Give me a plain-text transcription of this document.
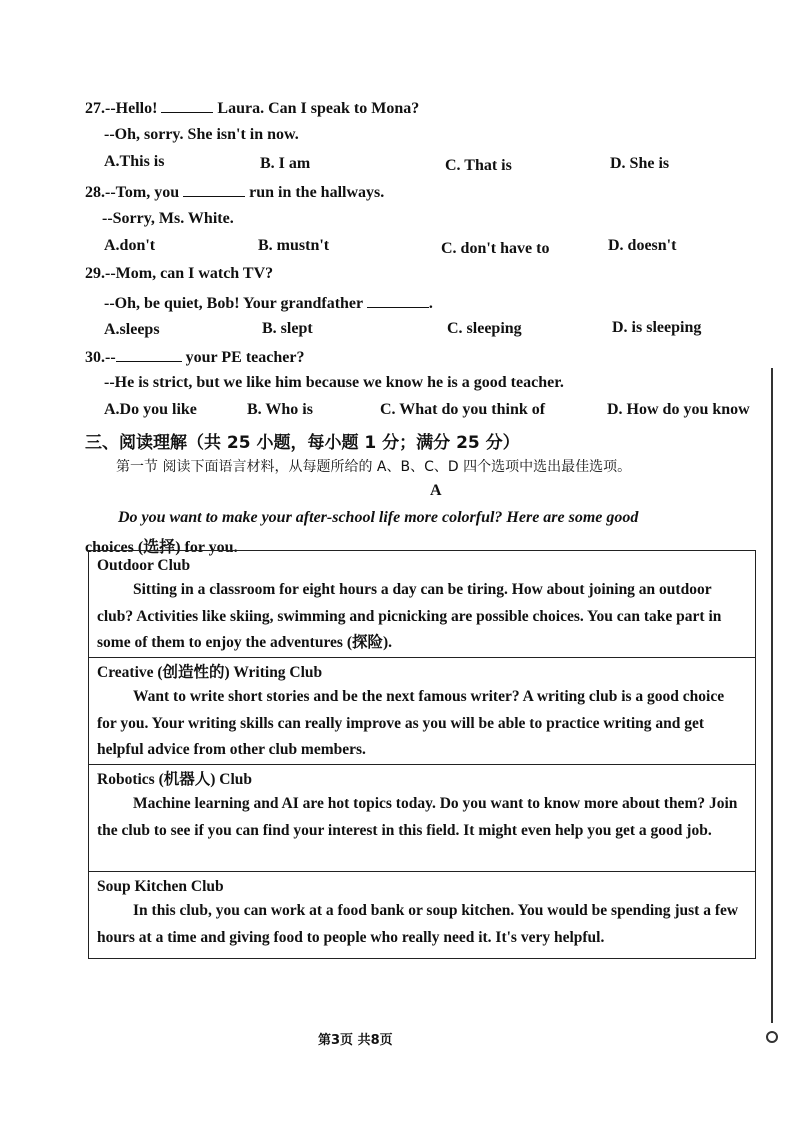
27.--Hello!	Laura. Can I speak to Mona?
--Oh, sorry. She isn't in now.
A.This is	B. I am	C. That is	D. She is
28.--Tom, you	run in the hallways.
--Sorry, Ms. White.
A.don't	B. mustn't	C. don't have to	D. doesn't
29.--Mom, can I watch TV?
--Oh, be quiet, Bob! Your grandfather	.
A.sleeps	B. slept	C. sleeping	D. is sleeping
30.--	your PE teacher?
--He is strict, but we like him because we know he is a good teacher.
A.Do you like	B. Who is	C. What do you think of	D. How do you know
三、阅读理解（共 25 小题，每小题 1 分；满分 25 分）
第一节 阅读下面语言材料，从每题所给的 A、B、C、D 四个选项中选出最佳选项。
A
Do you want to make your after-school life more colorful? Here are some good
choices (选择) for you.
Outdoor Club
Sitting in a classroom for eight hours a day can be tiring. How about joining an outdoor club? Activities like skiing, swimming and picnicking are possible choices. You can take part in some of them to enjoy the adventures (探险).
Creative (创造性的) Writing Club
Want to write short stories and be the next famous writer? A writing club is a good choice for you. Your writing skills can really improve as you will be able to practice writing and get helpful advice from other club members.
Robotics (机器人) Club
Machine learning and AI are hot topics today. Do you want to know more about them? Join the club to see if you can find your interest in this field. It might even help you get a good job.
Soup Kitchen Club
In this club, you can work at a food bank or soup kitchen. You would be spending just a few hours at a time and giving food to people who really need it. It's very helpful.
第3页 共8页
